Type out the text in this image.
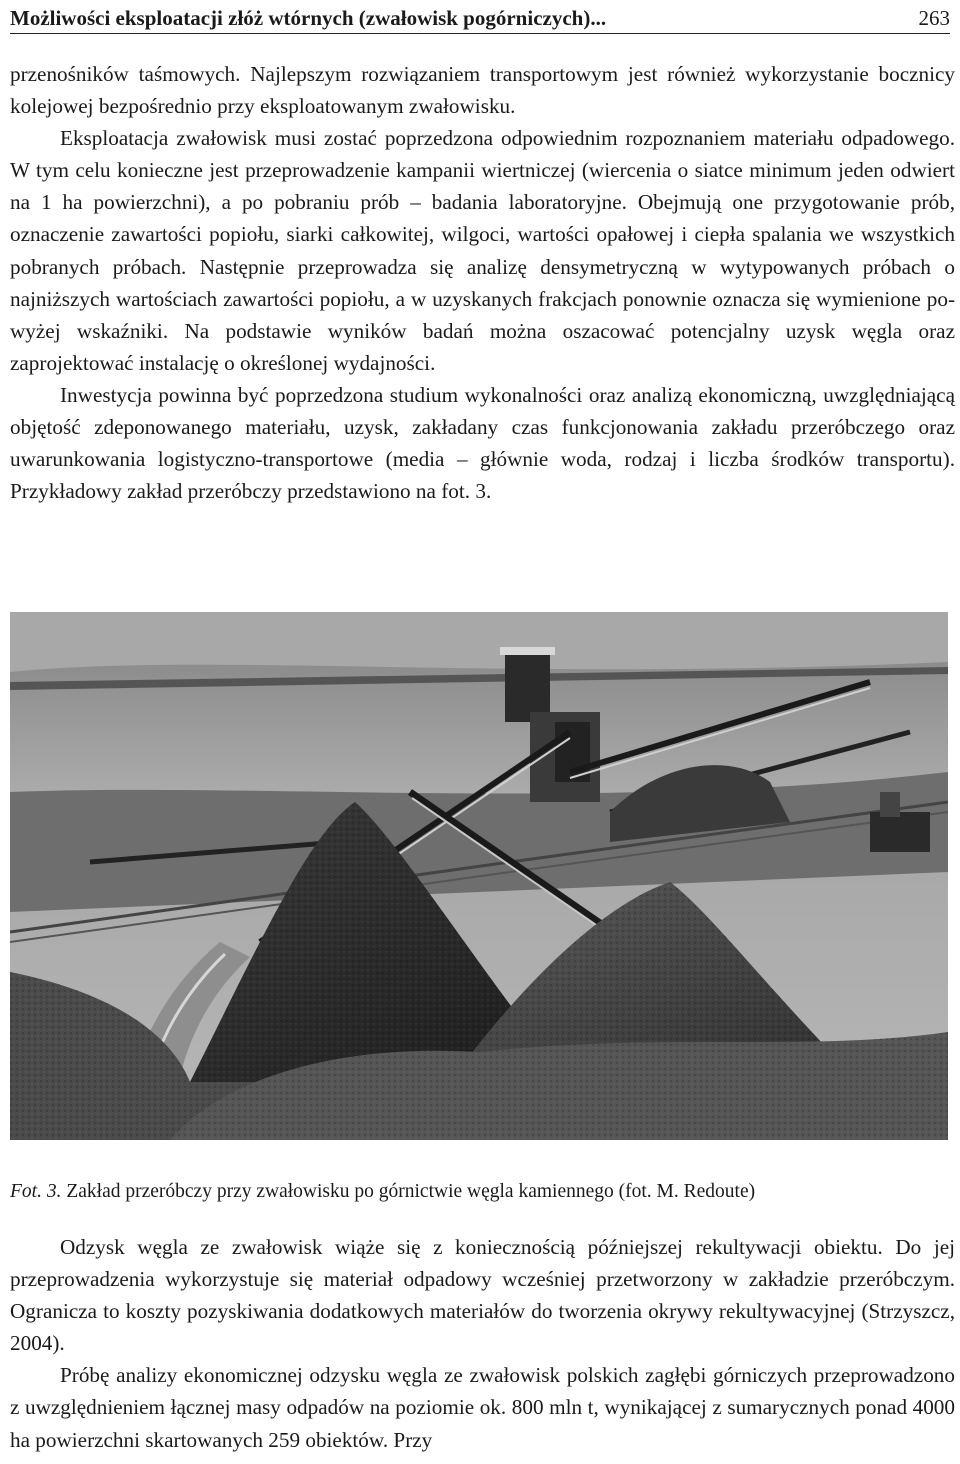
Możliwości eksploatacji złóż wtórnych (zwałowisk pogórniczych)...	263

przenośników taśmowych. Najlepszym rozwiązaniem transportowym jest również wykorzystanie bocznicy kolejowej bezpośrednio przy eksploatowanym zwałowisku.

Eksploatacja zwałowisk musi zostać poprzedzona odpowiednim rozpoznaniem materiału odpadowego. W tym celu konieczne jest przeprowadzenie kampanii wiertniczej (wiercenia o siatce minimum jeden odwiert na 1 ha powierzchni), a po pobraniu prób – badania laboratoryjne. Obejmują one przygotowanie prób, oznaczenie zawartości popiołu, siarki całkowitej, wilgoci, wartości opałowej i ciepła spalania we wszystkich pobranych próbach. Następnie przeprowadza się analizę densymetryczną w wytypowanych próbach o najniższych wartościach zawartości popiołu, a w uzyskanych frakcjach ponownie oznacza się wymienione powyżej wskaźniki. Na podstawie wyników badań można oszacować potencjalny uzysk węgla oraz zaprojektować instalację o określonej wydajności.

Inwestycja powinna być poprzedzona studium wykonalności oraz analizą ekonomiczną, uwzględniającą objętość zdeponowanego materiału, uzysk, zakładany czas funkcjonowania zakładu przeróbczego oraz uwarunkowania logistyczno-transportowe (media – głównie woda, rodzaj i liczba środków transportu). Przykładowy zakład przeróbczy przedstawiono na fot. 3.

Fot. 3. Zakład przeróbczy przy zwałowisku po górnictwie węgla kamiennego (fot. M. Redoute)

Odzysk węgla ze zwałowisk wiąże się z koniecznością późniejszej rekultywacji obiektu. Do jej przeprowadzenia wykorzystuje się materiał odpadowy wcześniej przetworzony w zakładzie przeróbczym. Ogranicza to koszty pozyskiwania dodatkowych materiałów do tworzenia okrywy rekultywacyjnej (Strzyszcz, 2004).

Próbę analizy ekonomicznej odzysku węgla ze zwałowisk polskich zagłębi górniczych przeprowadzono z uwzględnieniem łącznej masy odpadów na poziomie ok. 800 mln t, wynikającej z sumarycznych ponad 4000 ha powierzchni skartowanych 259 obiektów. Przy
